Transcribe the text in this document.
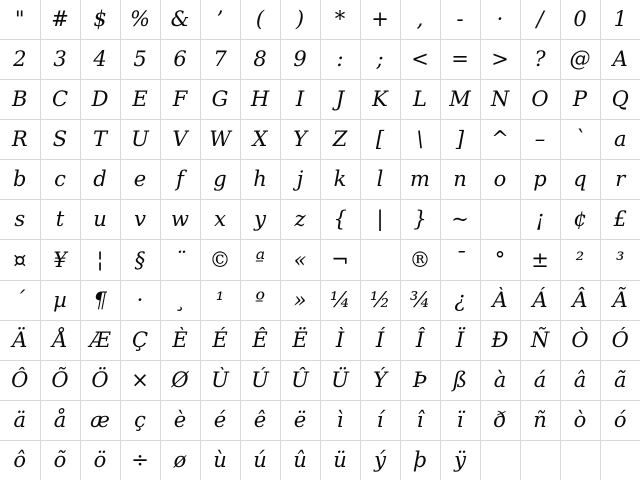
"	#	$	%	&	’	(	)	*	+	,	-	·	/	0	1
2	3	4	5	6	7	8	9	:	;	<	=	>	?	@	A
B	C	D	E	F	G	H	I	J	K	L	M	N	O	P	Q
R	S	T	U	V	W	X	Y	Z	[	\	]	^	–	`	a
b	c	d	e	f	g	h	j	k	l	m	n	o	p	q	r
s	t	u	v	w	x	y	z	{	|	}	~		¡	¢	£
¤	¥	¦	§	¨	©	ª	«	¬		®	¯	°	±	²	³
´	µ	¶	·	¸	¹	º	»	¼	½	¾	¿	À	Á	Â	Ã
Ä	Å	Æ	Ç	È	É	Ê	Ë	Ì	Í	Î	Ï	Ð	Ñ	Ò	Ó
Ô	Õ	Ö	×	Ø	Ù	Ú	Û	Ü	Ý	Þ	ß	à	á	â	ã
ä	å	æ	ç	è	é	ê	ë	ì	í	î	ï	ð	ñ	ò	ó
ô	õ	ö	÷	ø	ù	ú	û	ü	ý	þ	ÿ				
